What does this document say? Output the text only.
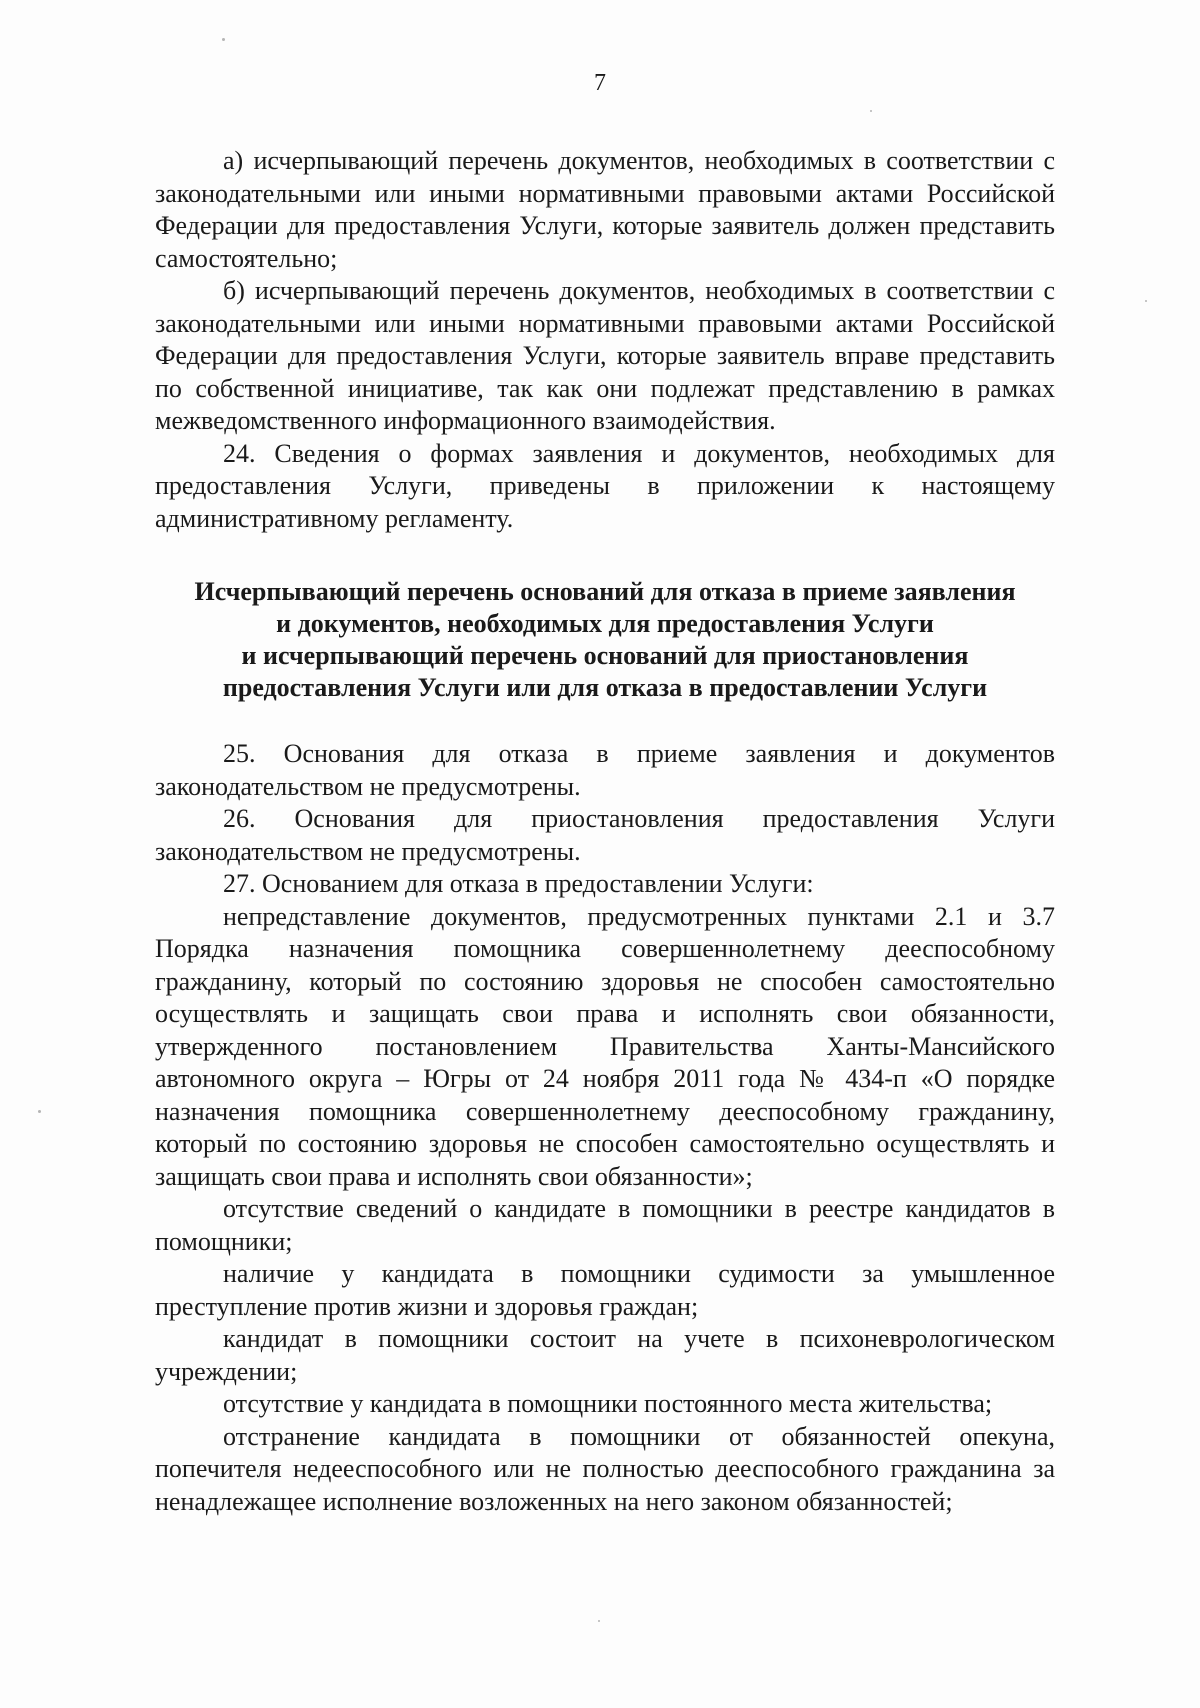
7

а) исчерпывающий перечень документов, необходимых в соответствии с законодательными или иными нормативными правовыми актами Российской Федерации для предоставления Услуги, которые заявитель должен представить самостоятельно;

б) исчерпывающий перечень документов, необходимых в соответствии с законодательными или иными нормативными правовыми актами Российской Федерации для предоставления Услуги, которые заявитель вправе представить по собственной инициативе, так как они подлежат представлению в рамках межведомственного информационного взаимодействия.

24. Сведения о формах заявления и документов, необходимых для предоставления Услуги, приведены в приложении к настоящему административному регламенту.

Исчерпывающий перечень оснований для отказа в приеме заявления
и документов, необходимых для предоставления Услуги
и исчерпывающий перечень оснований для приостановления
предоставления Услуги или для отказа в предоставлении Услуги

25. Основания для отказа в приеме заявления и документов законодательством не предусмотрены.

26. Основания для приостановления предоставления Услуги законодательством не предусмотрены.

27. Основанием для отказа в предоставлении Услуги:

непредставление документов, предусмотренных пунктами 2.1 и 3.7 Порядка назначения помощника совершеннолетнему дееспособному гражданину, который по состоянию здоровья не способен самостоятельно осуществлять и защищать свои права и исполнять свои обязанности, утвержденного постановлением Правительства Ханты-Мансийского автономного округа – Югры от 24 ноября 2011 года № 434-п «О порядке назначения помощника совершеннолетнему дееспособному гражданину, который по состоянию здоровья не способен самостоятельно осуществлять и защищать свои права и исполнять свои обязанности»;

отсутствие сведений о кандидате в помощники в реестре кандидатов в помощники;

наличие у кандидата в помощники судимости за умышленное преступление против жизни и здоровья граждан;

кандидат в помощники состоит на учете в психоневрологическом учреждении;

отсутствие у кандидата в помощники постоянного места жительства;

отстранение кандидата в помощники от обязанностей опекуна, попечителя недееспособного или не полностью дееспособного гражданина за ненадлежащее исполнение возложенных на него законом обязанностей;
